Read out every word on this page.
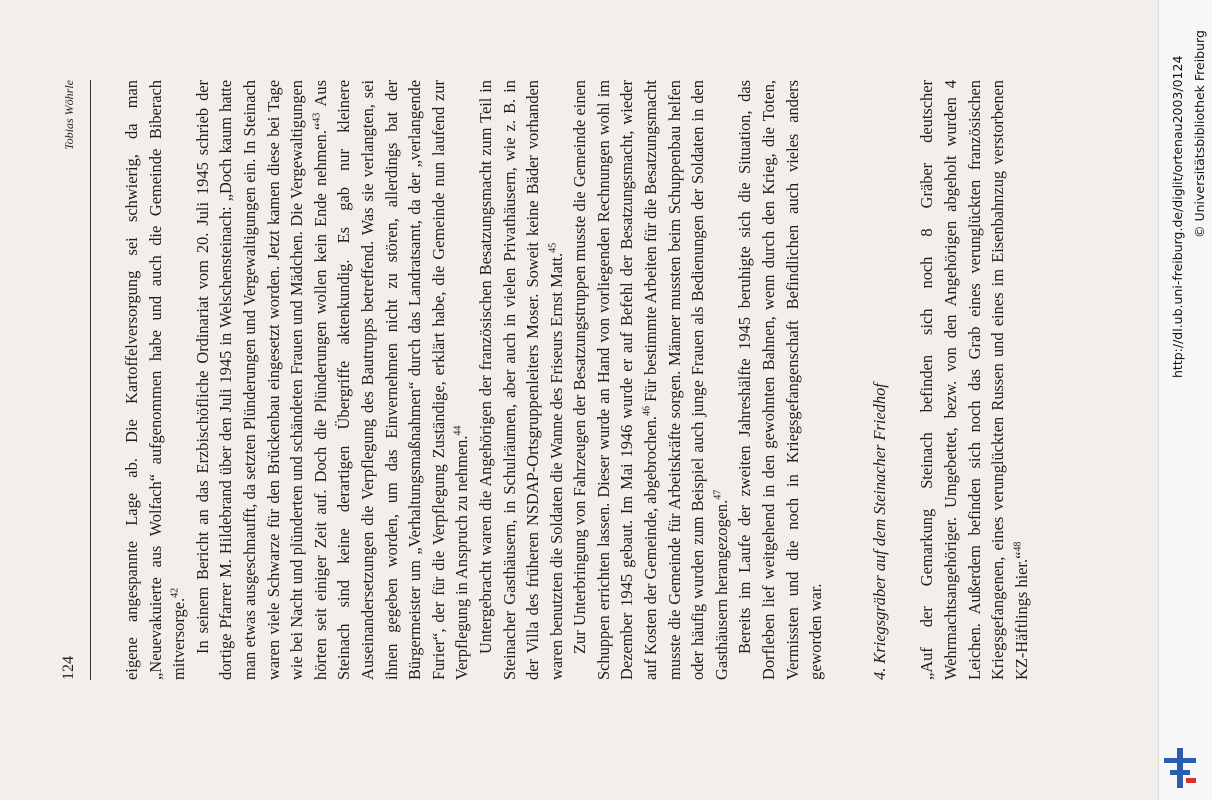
124
Tobias Wöhrle	eigene angespannte Lage ab. Die Kartoffelversorgung sei schwierig, da man „Neuevakuierte aus Wolfach“ aufgenommen habe und auch die Gemeinde Biberach mitversorge.$^{42}$ In seinem Bericht an das Erzbischöfliche Ordinariat vom 20. Juli 1945 schrieb der dortige Pfarrer M. Hildebrand über den Juli 1945 in Welschensteinach: „Doch kaum hatte man etwas ausgeschnaufft, da setzten Plünderungen und Vergewaltigungen ein. In Steinach waren viele Schwarze für den Brückenbau eingesetzt worden. Jetzt kamen diese bei Tage wie bei Nacht und plünderten und schändeten Frauen und Mädchen. Die Vergewaltigungen hörten seit einiger Zeit auf. Doch die Plünderungen wollen kein Ende nehmen.“$^{43}$ Aus Steinach sind keine derartigen Übergriffe aktenkundig. Es gab nur kleinere Auseinandersetzungen die Verpflegung des Bautrupps betreffend. Was sie verlangten, sei ihnen gegeben worden, um das Einvernehmen nicht zu stören, allerdings bat der Bürgermeister um „Verhaltungsmaßnahmen“ durch das Landratsamt, da der „verlangende Furier“, der für die Verpflegung Zuständige, erklärt habe, die Gemeinde nun laufend zur Verpflegung in Anspruch zu nehmen.$^{44}$ Untergebracht waren die Angehörigen der französischen Besatzungsmacht zum Teil in Steinacher Gasthäusern, in Schulräumen, aber auch in vielen Privathäusern, wie z. B. in der Villa des früheren NSDAP-Ortsgruppenleiters Moser. Soweit keine Bäder vorhanden waren benutzten die Soldaten die Wanne des Friseurs Ernst Matt.$^{45}$ Zur Unterbringung von Fahrzeugen der Besatzungstruppen musste die Gemeinde einen Schuppen errichten lassen. Dieser wurde an Hand von vorliegenden Rechnungen wohl im Dezember 1945 gebaut. Im Mai 1946 wurde er auf Befehl der Besatzungsmacht, wieder auf Kosten der Gemeinde, abgebrochen.$^{46}$ Für bestimmte Arbeiten für die Besatzungsmacht musste die Gemeinde für Arbeitskräfte sorgen. Männer mussten beim Schuppenbau helfen oder häufig wurden zum Beispiel auch junge Frauen als Bedienungen der Soldaten in den Gasthäusern herangezogen.$^{47}$ Bereits im Laufe der zweiten Jahreshälfte 1945 beruhigte sich die Situation, das Dorfleben lief weitgehend in den gewohnten Bahnen, wenn durch den Krieg, die Toten, Vermissten und die noch in Kriegsgefangenschaft Befindlichen auch vieles anders geworden war.	4. Kriegsgräber auf dem Steinacher Friedhof „Auf der Gemarkung Steinach befinden sich noch 8 Gräber deutscher Wehrmachtsangehöriger. Umgebettet, bezw. von den Angehörigen abgeholt wurden 4 Leichen. Außerdem befinden sich noch das Grab eines verunglückten französischen Kriegsgefangenen, eines verunglückten Russen und eines im Eisenbahnzug verstorbenen KZ-Häftlings hier.“$^{48}$

http://dl.ub.uni-freiburg.de/diglit/ortenau2003/0124 © Universitätsbibliothek Freiburg
